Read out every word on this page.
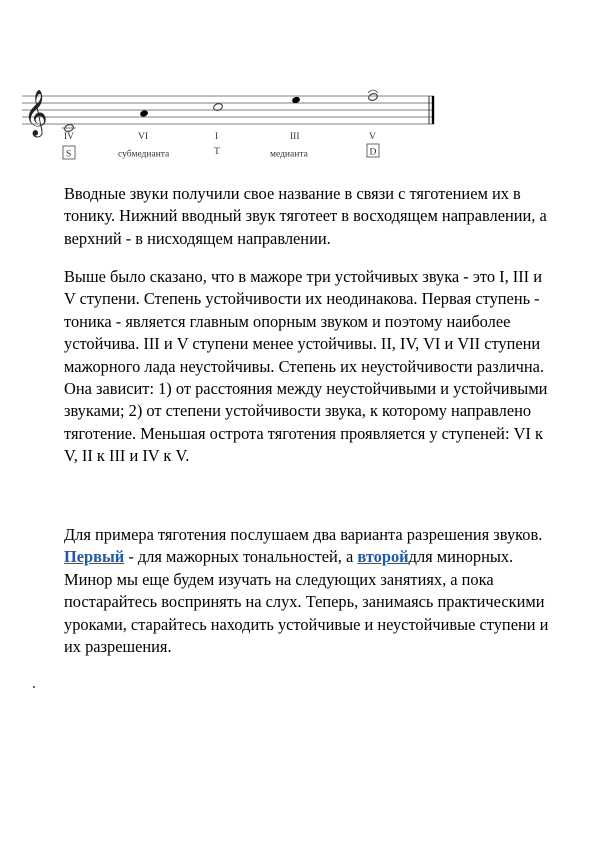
𝄞
IV	VI	I	III	V
S	субмедианта	T	медианта	D

Вводные звуки получили свое название в связи с тяготением их в тонику. Нижний вводный звук тяготеет в восходящем направлении, а верхний - в нисходящем направлении.

Выше было сказано, что в мажоре три устойчивых звука - это I, III и V ступени. Степень устойчивости их неодинакова. Первая ступень - тоника - является главным опорным звуком и поэтому наиболее устойчива. III и V ступени менее устойчивы. II, IV, VI и VII ступени мажорного лада неустойчивы. Степень их неустойчивости различна. Она зависит: 1) от расстояния между неустойчивыми и устойчивыми звуками; 2) от степени устойчивости звука, к которому направлено тяготение. Меньшая острота тяготения проявляется у ступеней: VI к V, II к III и IV к V.

Для примера тяготения послушаем два варианта разрешения звуков. Первый - для мажорных тональностей, а второйдля минорных. Минор мы еще будем изучать на следующих занятиях, а пока постарайтесь воспринять на слух. Теперь, занимаясь практическими уроками, старайтесь находить устойчивые и неустойчивые ступени и их разрешения.
